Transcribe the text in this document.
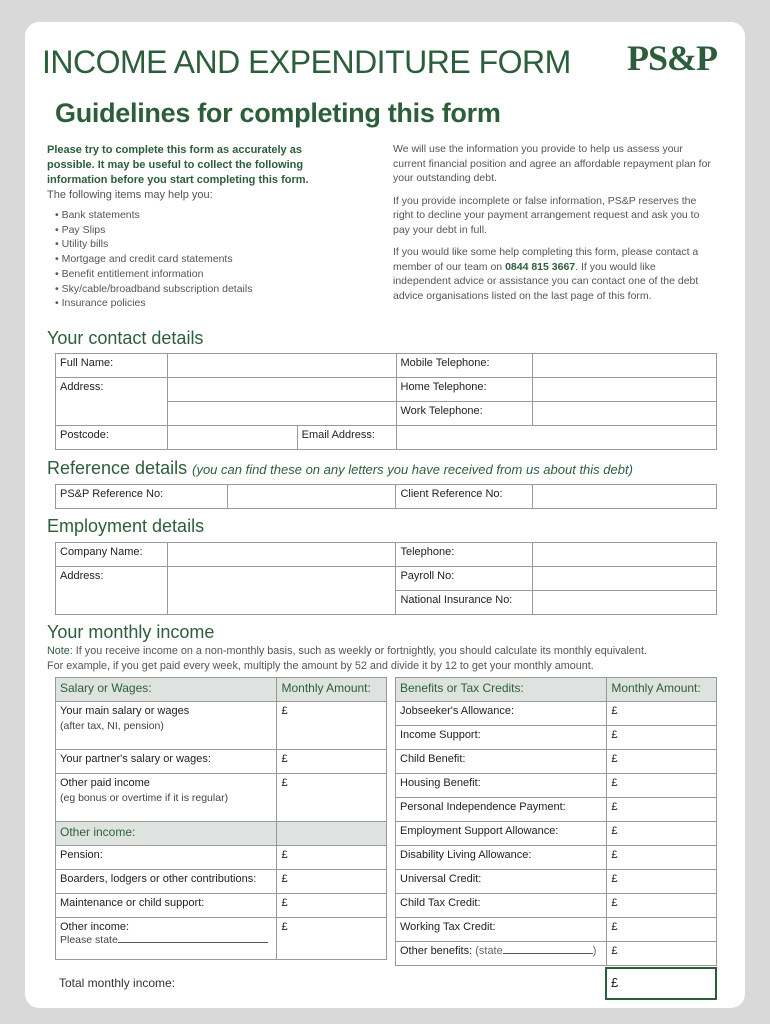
INCOME AND EXPENDITURE FORM PS&P
Guidelines for completing this form

Please try to complete this form as accurately as possible. It may be useful to collect the following information before you start completing this form.

The following items may help you:

• Bank statements
• Pay Slips
• Utility bills
• Mortgage and credit card statements
• Benefit entitlement information
• Sky/cable/broadband subscription details
• Insurance policies

We will use the information you provide to help us assess your current financial position and agree an affordable repayment plan for your outstanding debt.

If you provide incomplete or false information, PS&P reserves the right to decline your payment arrangement request and ask you to pay your debt in full.

If you would like some help completing this form, please contact a member of our team on 0844 815 3667. If you would like independent advice or assistance you can contact one of the debt advice organisations listed on the last page of this form.

Your contact details
Full Name:			Mobile Telephone:	
Address:			Home Telephone:	
			Work Telephone:	
Postcode:		Email Address:		
Reference details (you can find these on any letters you have received from us about this debt)
PS&P Reference No:		Client Reference No:	
Employment details
Company Name:		Telephone:	
Address:		Payroll No:	
		National Insurance No:	
Your monthly income
Note: If you receive income on a non-monthly basis, such as weekly or fortnightly, you should calculate its monthly equivalent.
For example, if you get paid every week, multiply the amount by 52 and divide it by 12 to get your monthly amount.
Salary or Wages:	Monthly Amount:
Your main salary or wages
(after tax, NI, pension)	£
Your partner's salary or wages:	£
Other paid income
(eg bonus or overtime if it is regular)	£
Other income:	
Pension:	£
Boarders, lodgers or other contributions:	£
Maintenance or child support:	£
Other income:
Please state	£
Benefits or Tax Credits:	Monthly Amount:
Jobseeker's Allowance:	£
Income Support:	£
Child Benefit:	£
Housing Benefit:	£
Personal Independence Payment:	£
Employment Support Allowance:	£
Disability Living Allowance:	£
Universal Credit:	£
Child Tax Credit:	£
Working Tax Credit:	£
Other benefits: (state )	£
Total monthly income:	£
